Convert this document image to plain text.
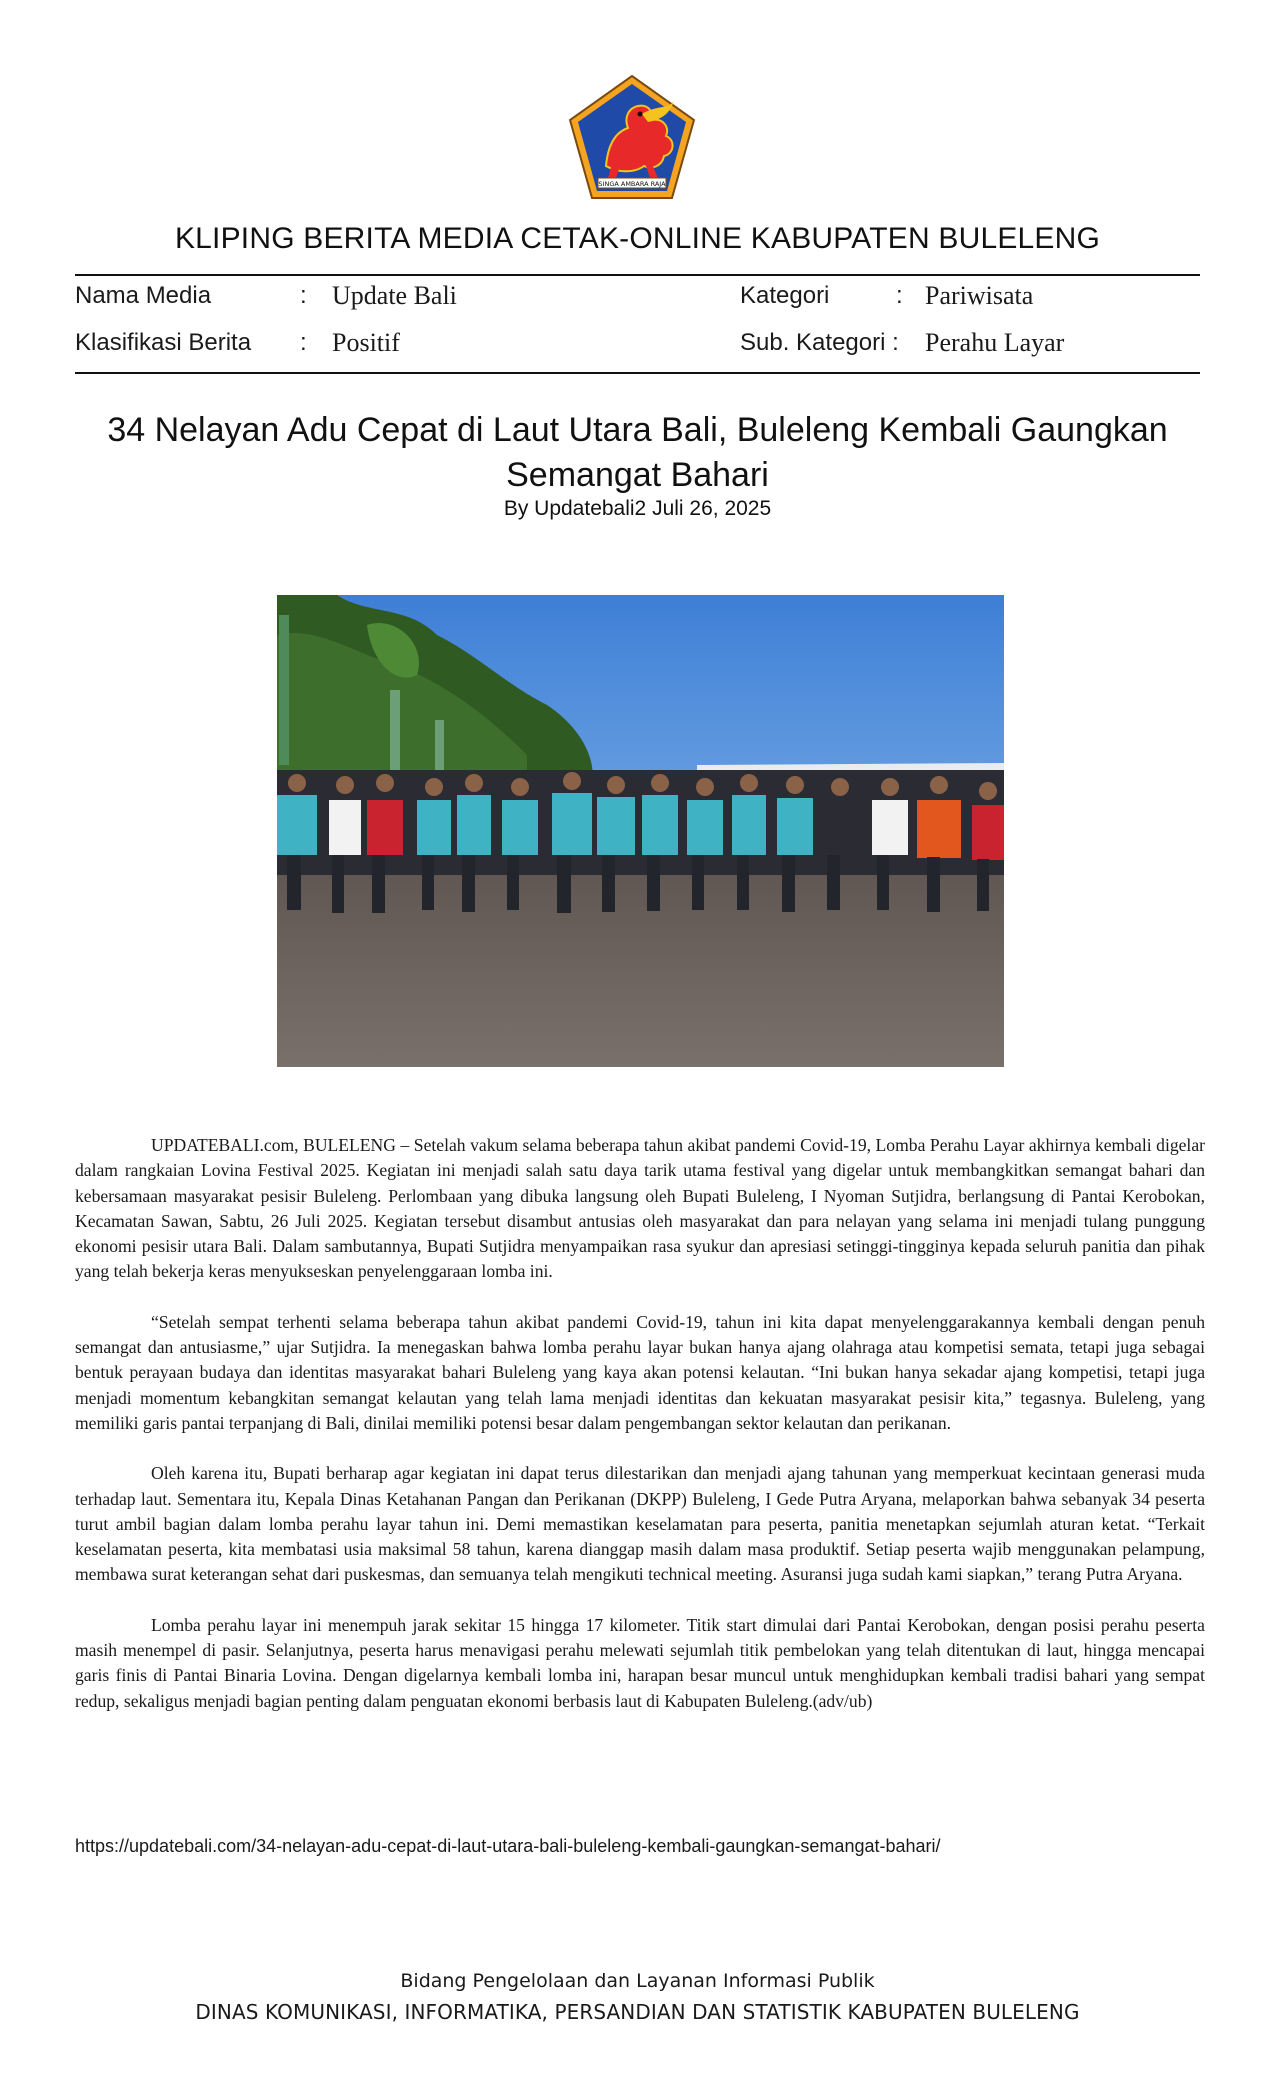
SINGA AMBARA RAJA
KLIPING BERITA MEDIA CETAK-ONLINE KABUPATEN BULELENG
Nama Media	: Update Bali	Kategori	: Pariwisata
Klasifikasi Berita : Positif	Sub. Kategori : Perahu Layar
34 Nelayan Adu Cepat di Laut Utara Bali, Buleleng Kembali Gaungkan Semangat Bahari
By Updatebali2 Juli 26, 2025

UPDATEBALI.com, BULELENG – Setelah vakum selama beberapa tahun akibat pandemi Covid-19, Lomba Perahu Layar akhirnya kembali digelar dalam rangkaian Lovina Festival 2025. Kegiatan ini menjadi salah satu daya tarik utama festival yang digelar untuk membangkitkan semangat bahari dan kebersamaan masyarakat pesisir Buleleng. Perlombaan yang dibuka langsung oleh Bupati Buleleng, I Nyoman Sutjidra, berlangsung di Pantai Kerobokan, Kecamatan Sawan, Sabtu, 26 Juli 2025. Kegiatan tersebut disambut antusias oleh masyarakat dan para nelayan yang selama ini menjadi tulang punggung ekonomi pesisir utara Bali. Dalam sambutannya, Bupati Sutjidra menyampaikan rasa syukur dan apresiasi setinggi-tingginya kepada seluruh panitia dan pihak yang telah bekerja keras menyukseskan penyelenggaraan lomba ini.

“Setelah sempat terhenti selama beberapa tahun akibat pandemi Covid-19, tahun ini kita dapat menyelenggarakannya kembali dengan penuh semangat dan antusiasme,” ujar Sutjidra. Ia menegaskan bahwa lomba perahu layar bukan hanya ajang olahraga atau kompetisi semata, tetapi juga sebagai bentuk perayaan budaya dan identitas masyarakat bahari Buleleng yang kaya akan potensi kelautan. “Ini bukan hanya sekadar ajang kompetisi, tetapi juga menjadi momentum kebangkitan semangat kelautan yang telah lama menjadi identitas dan kekuatan masyarakat pesisir kita,” tegasnya. Buleleng, yang memiliki garis pantai terpanjang di Bali, dinilai memiliki potensi besar dalam pengembangan sektor kelautan dan perikanan.

Oleh karena itu, Bupati berharap agar kegiatan ini dapat terus dilestarikan dan menjadi ajang tahunan yang memperkuat kecintaan generasi muda terhadap laut. Sementara itu, Kepala Dinas Ketahanan Pangan dan Perikanan (DKPP) Buleleng, I Gede Putra Aryana, melaporkan bahwa sebanyak 34 peserta turut ambil bagian dalam lomba perahu layar tahun ini. Demi memastikan keselamatan para peserta, panitia menetapkan sejumlah aturan ketat. “Terkait keselamatan peserta, kita membatasi usia maksimal 58 tahun, karena dianggap masih dalam masa produktif. Setiap peserta wajib menggunakan pelampung, membawa surat keterangan sehat dari puskesmas, dan semuanya telah mengikuti technical meeting. Asuransi juga sudah kami siapkan,” terang Putra Aryana.

Lomba perahu layar ini menempuh jarak sekitar 15 hingga 17 kilometer. Titik start dimulai dari Pantai Kerobokan, dengan posisi perahu peserta masih menempel di pasir. Selanjutnya, peserta harus menavigasi perahu melewati sejumlah titik pembelokan yang telah ditentukan di laut, hingga mencapai garis finis di Pantai Binaria Lovina. Dengan digelarnya kembali lomba ini, harapan besar muncul untuk menghidupkan kembali tradisi bahari yang sempat redup, sekaligus menjadi bagian penting dalam penguatan ekonomi berbasis laut di Kabupaten Buleleng.(adv/ub)

https://updatebali.com/34-nelayan-adu-cepat-di-laut-utara-bali-buleleng-kembali-gaungkan-semangat-bahari/
Bidang Pengelolaan dan Layanan Informasi Publik
DINAS KOMUNIKASI, INFORMATIKA, PERSANDIAN DAN STATISTIK KABUPATEN BULELENG
